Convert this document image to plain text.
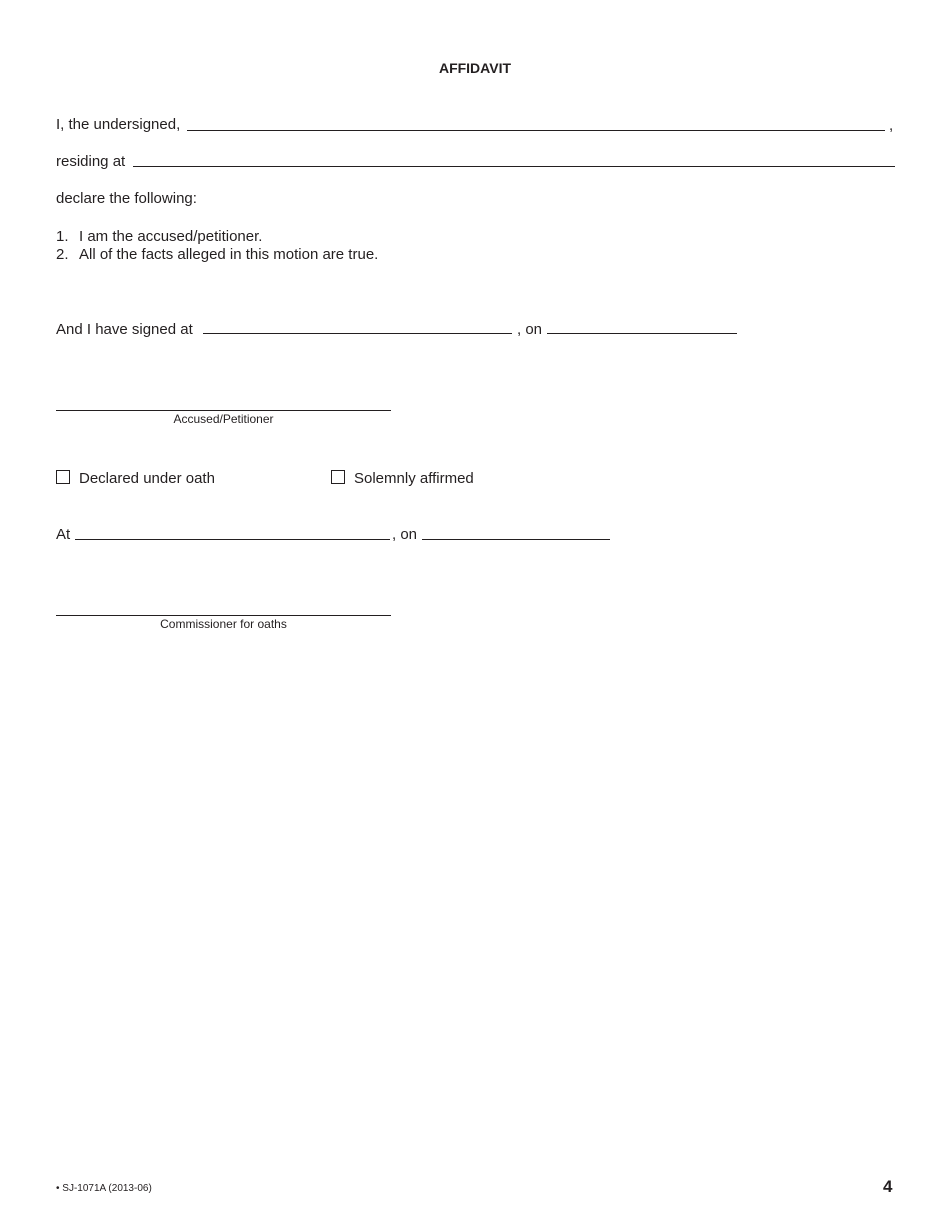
AFFIDAVIT
I, the undersigned,	,
residing at
declare the following:
1. I am the accused/petitioner.
2. All of the facts alleged in this motion are true.
And I have signed at	, on
Accused/Petitioner
Declared under oath	Solemnly affirmed
At	, on
Commissioner for oaths
• SJ-1071A (2013-06)	4
